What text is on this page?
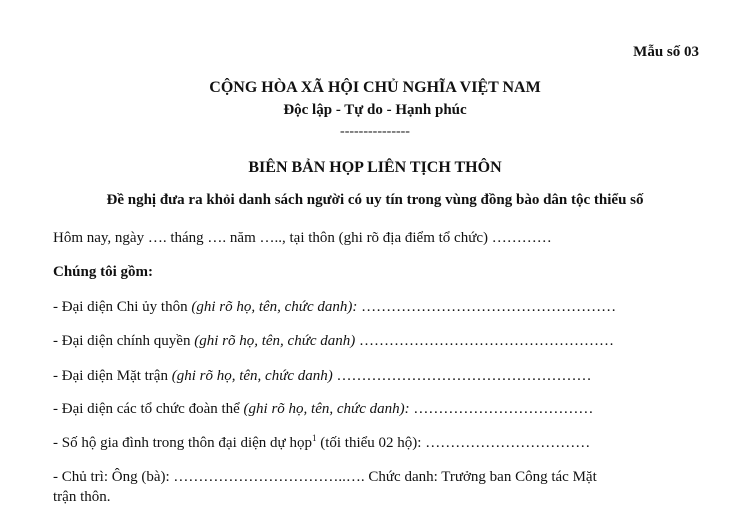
Mẫu số 03
CỘNG HÒA XÃ HỘI CHỦ NGHĨA VIỆT NAM
Độc lập - Tự do - Hạnh phúc
---------------
BIÊN BẢN HỌP LIÊN TỊCH THÔN
Đề nghị đưa ra khỏi danh sách người có uy tín trong vùng đồng bào dân tộc thiểu số
Hôm nay, ngày …. tháng …. năm ….., tại thôn (ghi rõ địa điểm tổ chức) …………
Chúng tôi gồm:
- Đại diện Chi ủy thôn (ghi rõ họ, tên, chức danh): ……………………………………………
- Đại diện chính quyền (ghi rõ họ, tên, chức danh) ……………………………………………
- Đại diện Mặt trận (ghi rõ họ, tên, chức danh) ……………………………………………
- Đại diện các tổ chức đoàn thể (ghi rõ họ, tên, chức danh): ………………………………
- Số hộ gia đình trong thôn đại diện dự họp$^1$ (tối thiểu 02 hộ): ……………………………
- Chủ trì: Ông (bà): ……………………………..…. Chức danh: Trưởng ban Công tác Mặt
trận thôn.
